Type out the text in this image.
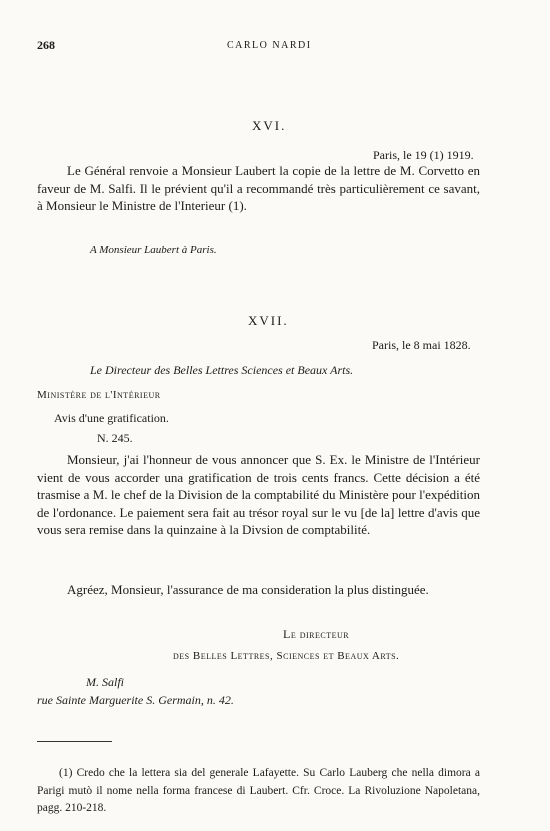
268	CARLO NARDI
XVI.
Paris, le 19 (1) 1919.

Le Général renvoie a Monsieur Laubert la copie de la lettre de M. Corvetto en faveur de M. Salfi. Il le prévient qu'il a recommandé très particulièrement ce savant, à Monsieur le Ministre de l'Interieur (1).

A Monsieur Laubert à Paris.
XVII.
Paris, le 8 mai 1828.
Le Directeur des Belles Lettres Sciences et Beaux Arts.
Ministère de l'Intérieur
Avis d'une gratification.
N. 245.

Monsieur, j'ai l'honneur de vous annoncer que S. Ex. le Ministre de l'Intérieur vient de vous accorder una gratification de trois cents francs. Cette décision a été trasmise a M. le chef de la Division de la comptabilité du Ministère pour l'expédition de l'ordonance. Le paiement sera fait au trésor royal sur le vu [de la] lettre d'avis que vous sera remise dans la quinzaine à la Divsion de comptabilité.

Agréez, Monsieur, l'assurance de ma consideration la plus distinguée.

Le directeur
des Belles Lettres, Sciences et Beaux Arts.
M. Salfi
rue Sainte Marguerite S. Germain, n. 42.

(1) Credo che la lettera sia del generale Lafayette. Su Carlo Lauberg che nella dimora a Parigi mutò il nome nella forma francese di Laubert. Cfr. Croce. La Rivoluzione Napoletana, pagg. 210-218.
